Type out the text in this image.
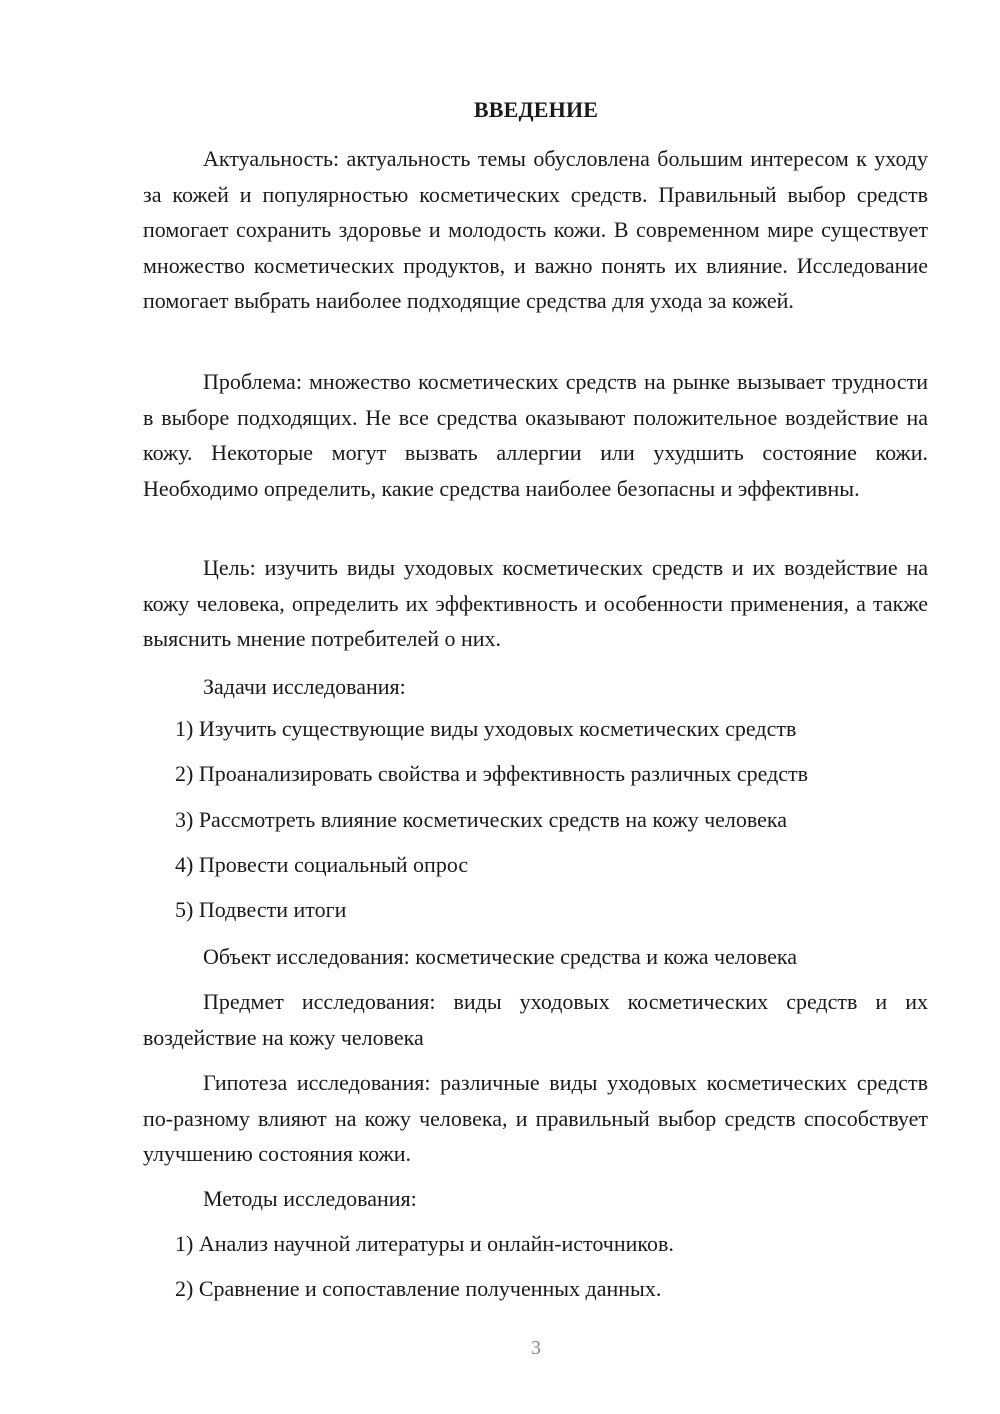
ВВЕДЕНИЕ

Актуальность: актуальность темы обусловлена большим интересом к уходу за кожей и популярностью косметических средств. Правильный выбор средств помогает сохранить здоровье и молодость кожи. В современном мире существует множество косметических продуктов, и важно понять их влияние. Исследование помогает выбрать наиболее подходящие средства для ухода за кожей.

Проблема: множество косметических средств на рынке вызывает трудности в выборе подходящих. Не все средства оказывают положительное воздействие на кожу. Некоторые могут вызвать аллергии или ухудшить состояние кожи. Необходимо определить, какие средства наиболее безопасны и эффективны.

Цель: изучить виды уходовых косметических средств и их воздействие на кожу человека, определить их эффективность и особенности применения, а также выяснить мнение потребителей о них.

Задачи исследования:

1) Изучить существующие виды уходовых косметических средств

2) Проанализировать свойства и эффективность различных средств

3) Рассмотреть влияние косметических средств на кожу человека

4) Провести социальный опрос

5) Подвести итоги

Объект исследования: косметические средства и кожа человека

Предмет исследования: виды уходовых косметических средств и их воздействие на кожу человека

Гипотеза исследования: различные виды уходовых косметических средств по-разному влияют на кожу человека, и правильный выбор средств способствует улучшению состояния кожи.

Методы исследования:

1) Анализ научной литературы и онлайн-источников.

2) Сравнение и сопоставление полученных данных.

3
